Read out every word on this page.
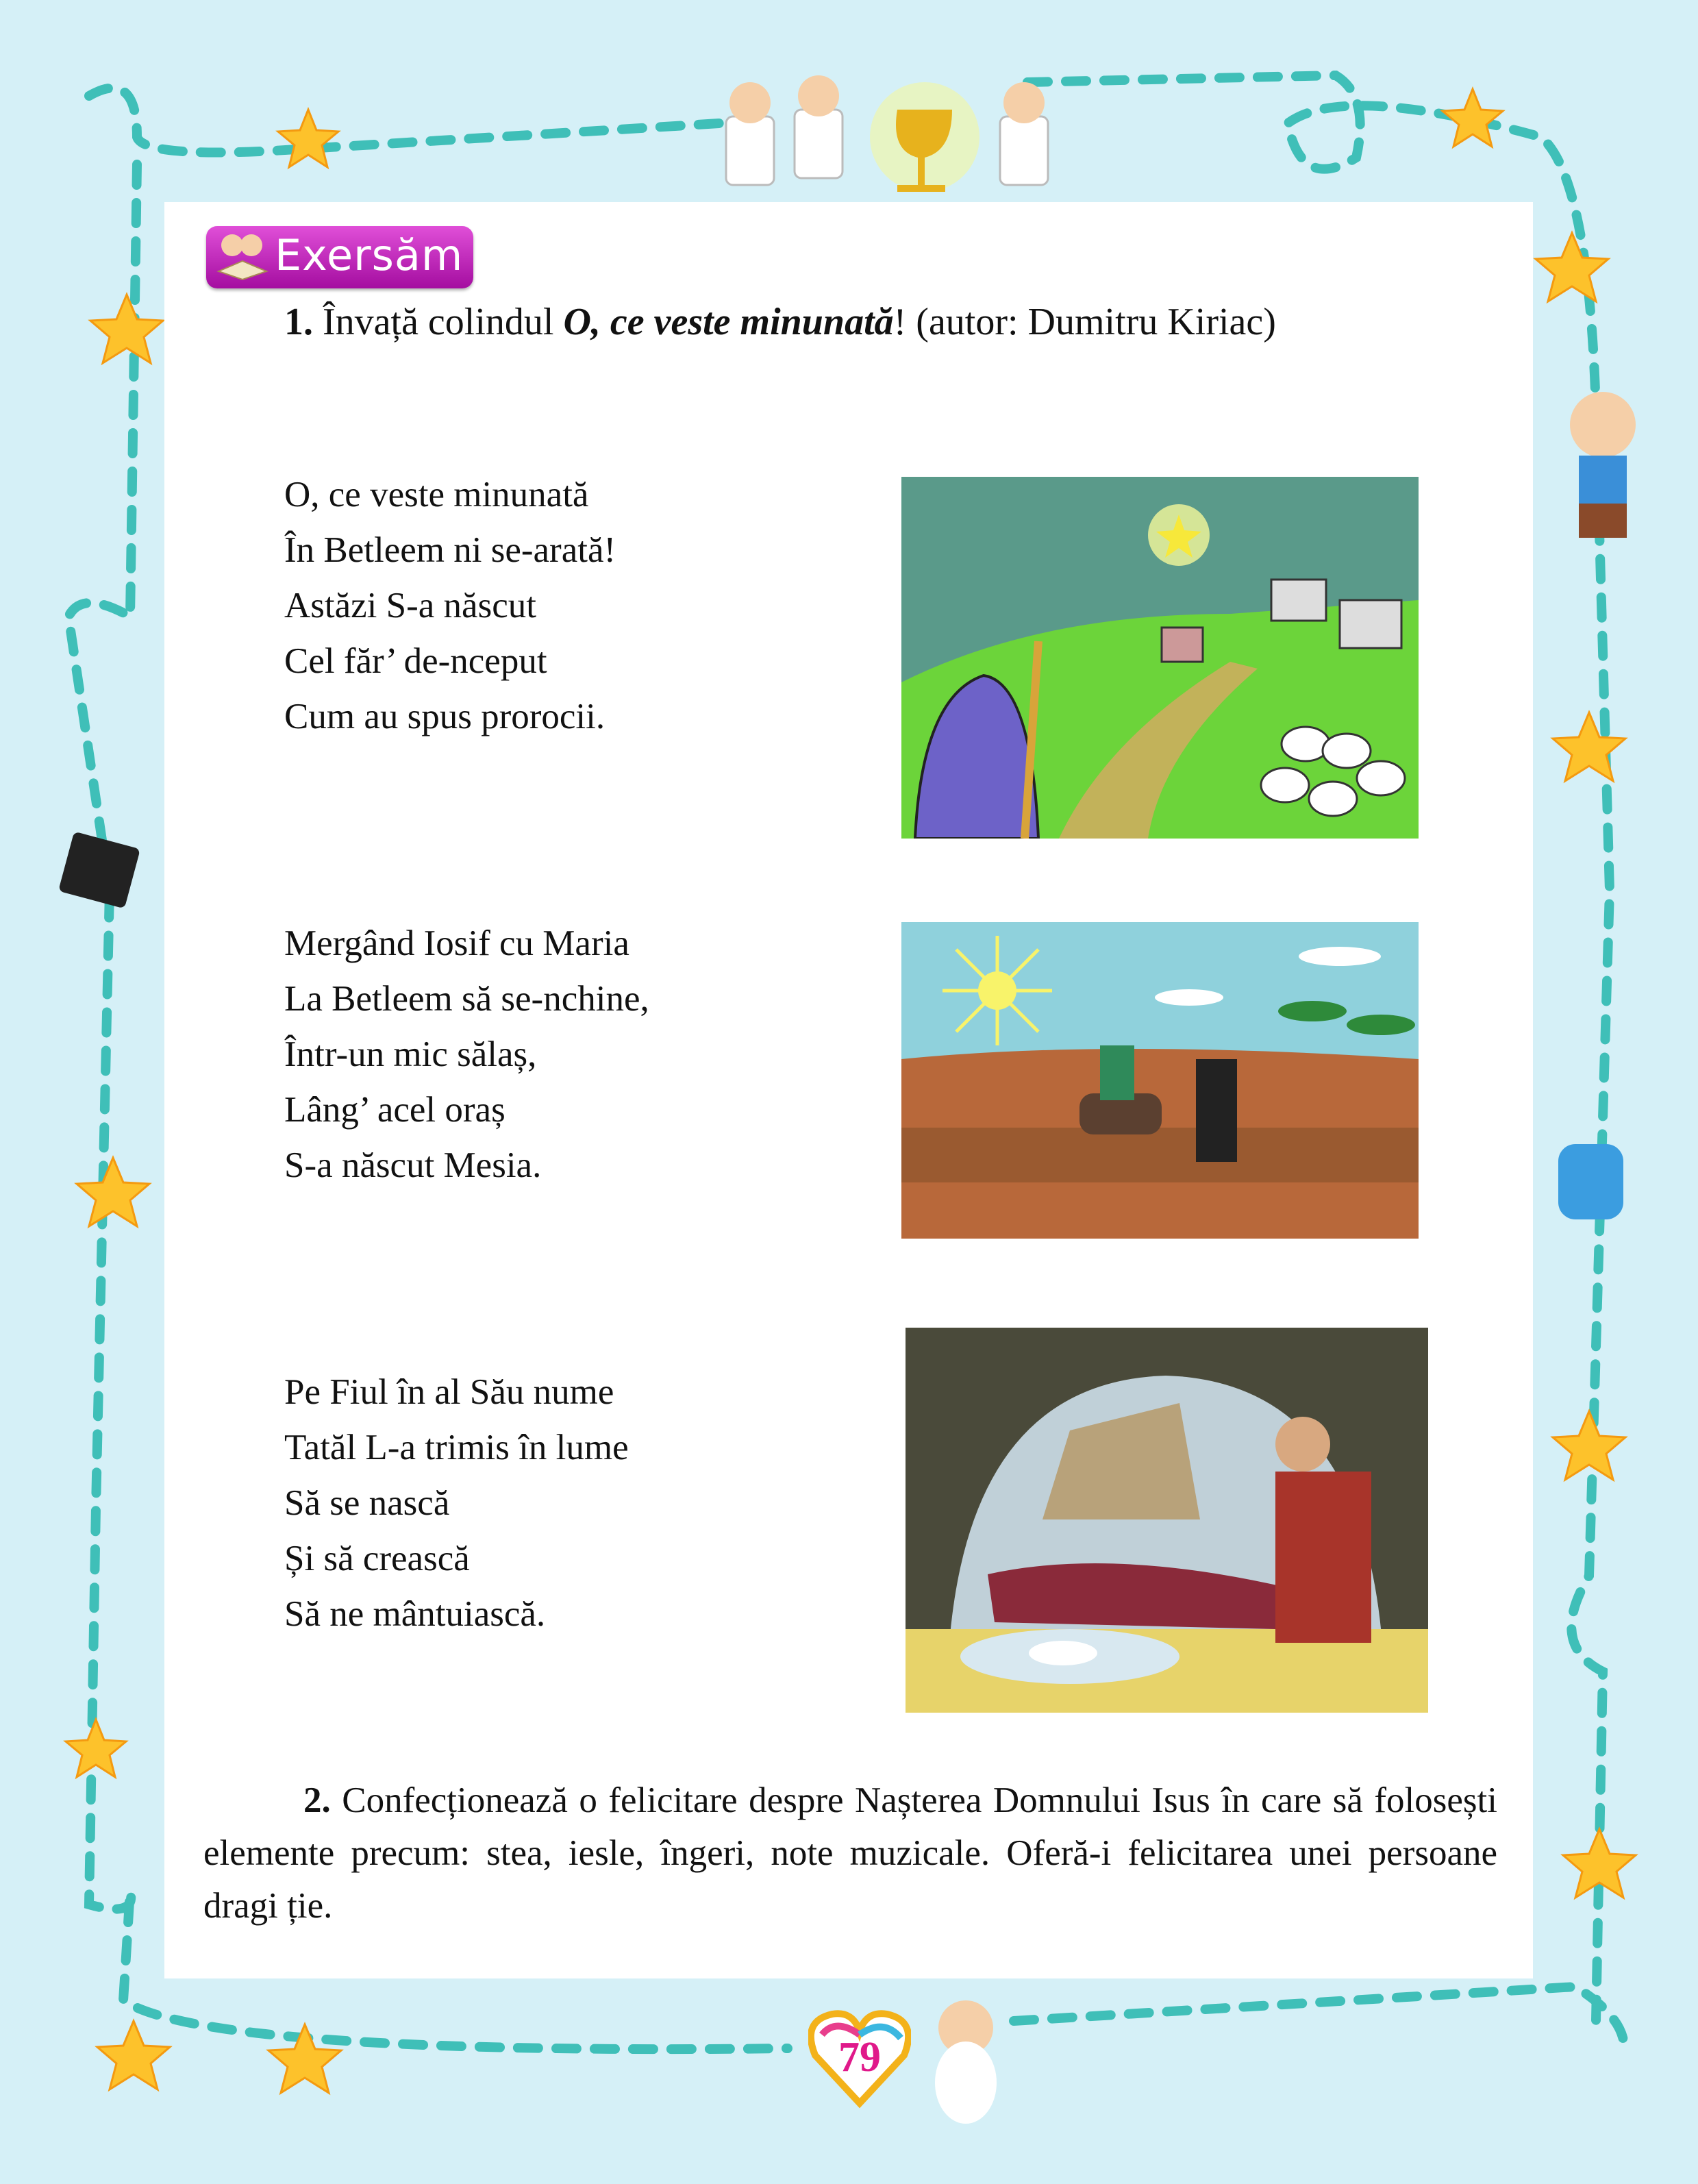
Exersăm
1. Învață colindul O, ce veste minunată! (autor: Dumitru Kiriac)
O, ce veste minunată
În Betleem ni se-arată!
Astăzi S-a născut
Cel făr’ de-nceput
Cum au spus prorocii.
Mergând Iosif cu Maria
La Betleem să se-nchine,
Într-un mic sălaș,
Lâng’ acel oraș
S-a născut Mesia.
Pe Fiul în al Său nume
Tatăl L-a trimis în lume
Să se nască
Și să crească
Să ne mântuiască.
2. Confecționează o felicitare despre Nașterea Domnului Isus în care să folosești elemente precum: stea, iesle, îngeri, note muzicale. Oferă-i felicitarea unei persoane dragi ție.
79
